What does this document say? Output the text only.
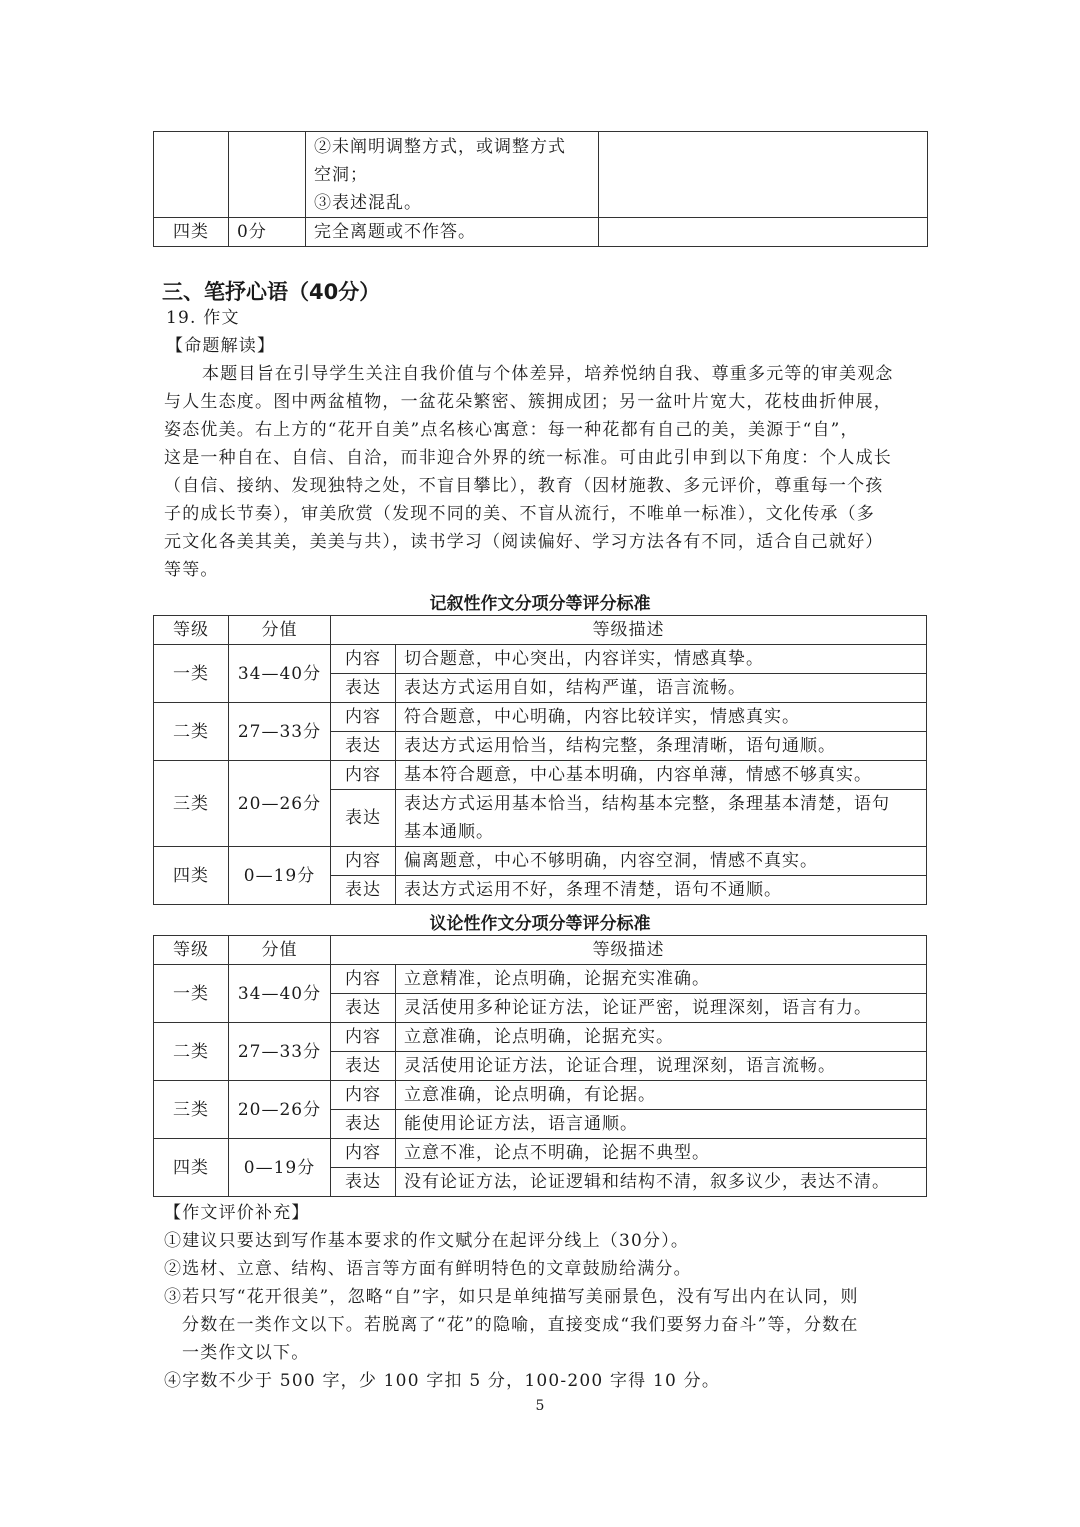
		②未阐明调整方式，或调整方式
空洞；
③表述混乱。	

四类	0分	完全离题或不作答。	
三、笔抒心语（40分）
19. 作文
【命题解读】
本题目旨在引导学生关注自我价值与个体差异，培养悦纳自我、尊重多元等的审美观念
与人生态度。图中两盆植物，一盆花朵繁密、簇拥成团；另一盆叶片宽大，花枝曲折伸展，
姿态优美。右上方的“花开自美”点名核心寓意：每一种花都有自己的美，美源于“自”，
这是一种自在、自信、自洽，而非迎合外界的统一标准。可由此引申到以下角度：个人成长
（自信、接纳、发现独特之处，不盲目攀比），教育（因材施教、多元评价，尊重每一个孩
子的成长节奏），审美欣赏（发现不同的美、不盲从流行，不唯单一标准），文化传承（多
元文化各美其美，美美与共），读书学习（阅读偏好、学习方法各有不同，适合自己就好）
等等。
记叙性作文分项分等评分标准
等级	分值	等级描述	
一类	34—40分	内容	切合题意，中心突出，内容详实，情感真挚。
		表达	表达方式运用自如，结构严谨，语言流畅。
二类	27—33分	内容	符合题意，中心明确，内容比较详实，情感真实。
		表达	表达方式运用恰当，结构完整，条理清晰，语句通顺。
三类	20—26分	内容	基本符合题意，中心基本明确，内容单薄，情感不够真实。
		表达	表达方式运用基本恰当，结构基本完整，条理基本清楚，语句
基本通顺。

四类	0—19分	内容	偏离题意，中心不够明确，内容空洞，情感不真实。
		表达	表达方式运用不好，条理不清楚，语句不通顺。
议论性作文分项分等评分标准
等级	分值	等级描述	
一类	34—40分	内容	立意精准，论点明确，论据充实准确。
		表达	灵活使用多种论证方法，论证严密，说理深刻，语言有力。
二类	27—33分	内容	立意准确，论点明确，论据充实。
		表达	灵活使用论证方法，论证合理，说理深刻，语言流畅。
三类	20—26分	内容	立意准确，论点明确，有论据。
		表达	能使用论证方法，语言通顺。
四类	0—19分	内容	立意不准，论点不明确，论据不典型。
		表达	没有论证方法，论证逻辑和结构不清，叙多议少，表达不清。
【作文评价补充】
①建议只要达到写作基本要求的作文赋分在起评分线上（30分）。
②选材、立意、结构、语言等方面有鲜明特色的文章鼓励给满分。
③若只写“花开很美”，忽略“自”字，如只是单纯描写美丽景色，没有写出内在认同，则
分数在一类作文以下。若脱离了“花”的隐喻，直接变成“我们要努力奋斗”等，分数在
一类作文以下。
④字数不少于 500 字，少 100 字扣 5 分，100-200 字得 10 分。
5
